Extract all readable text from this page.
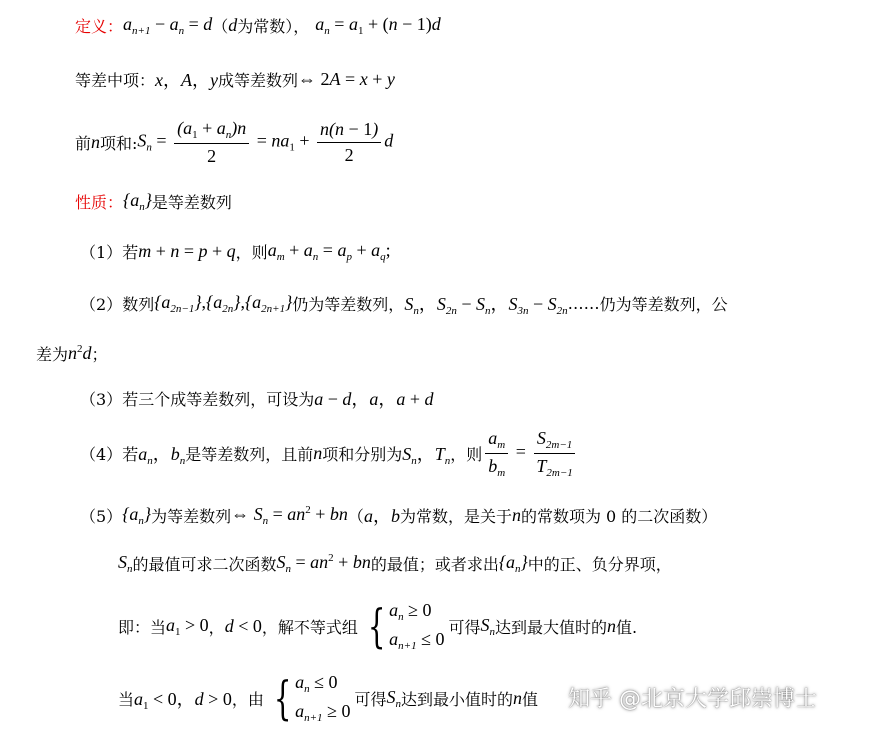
定义： $a_{n+1} - a_n = d$ （ d 为常数）， $a_n = a_1 + (n - 1)d$
等差中项： x，A，y 成等差数列 ⇔ 2A = x + y
前 n 项和: $S_n = \frac{(a_1 + a_n)n}{2} = na_1 + \frac{n(n - 1)}{2}$ d
性质： $\{a_n\}$ 是等差数列
（1） 若 m + n = p + q ，则 $a_m + a_n = a_p + a_q$;
（2） 数列 $\{a_{2n-1}\},\{a_{2n}\},\{a_{2n+1}\}$ 仍为等差数列， $S_n$，$S_{2n} - S_n$，$S_{3n} - S_{2n}$ …… 仍为等差数列，公
差为 $n^2d$ ；
（3） 若三个成等差数列，可设为 a − d，a，a + d
（4） 若 $a_n$，$b_n$ 是等差数列，且前 n 项和分别为 $S_n$，$T_n$ ，则 $\frac{a_m}{b_m} = \frac{S_{2m-1}}{T_{2m-1}}$
（5） $\{a_n\}$ 为等差数列 ⇔ $S_n = an^2$ + bn （ a，b 为常数，是关于 n 的常数项为 0 的二次函数）
$S_n$ 的最值可求二次函数 $S_n = an^2$ + bn 的最值；或者求出 $\{a_n\}$ 中的正、负分界项，
即：当 $a_1 > 0$ ， d < 0 ，解不等式组 { $a_n \ge 0$
$a_{n+1} \le 0$
可得 $S_n$ 达到最大值时的 n 值.
当 $a_1 < 0$，d > 0 ，由 { $a_n \le 0$
$a_{n+1} \ge 0$
可得 $S_n$ 达到最小值时的 n 值 知乎 @北京大学邱崇博士
